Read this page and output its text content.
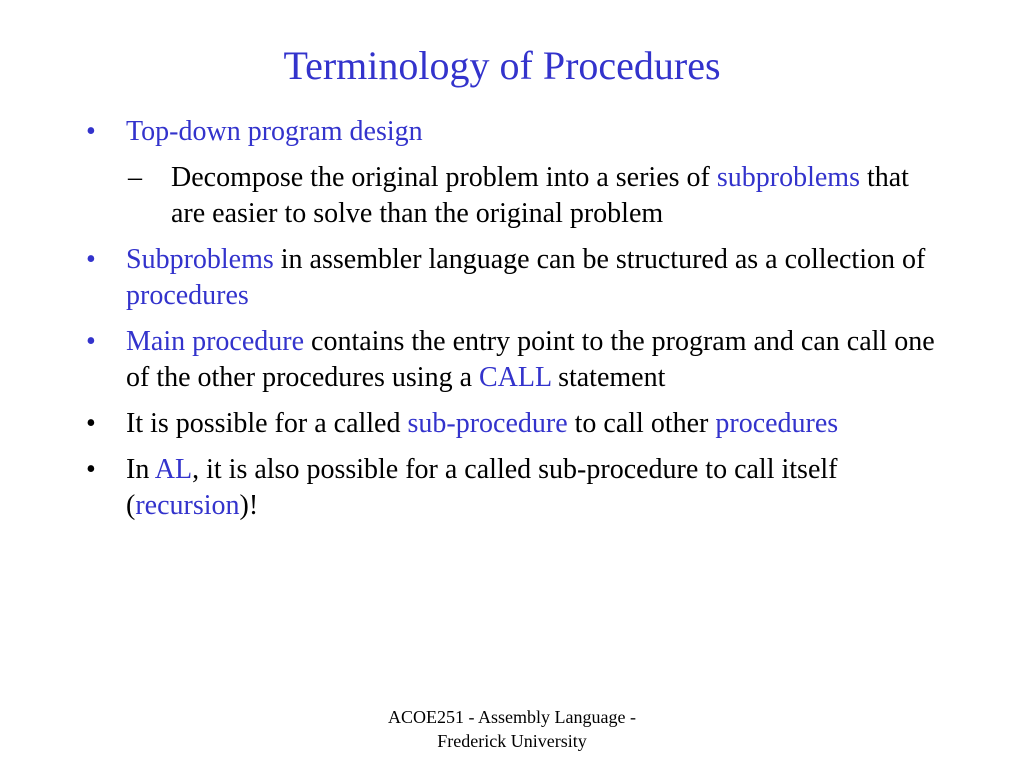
Terminology of Procedures
• Top-down program design
– Decompose the original problem into a series of subproblems that are easier to solve than the original problem
• Subproblems in assembler language can be structured as a collection of procedures
• Main procedure contains the entry point to the program and can call one of the other procedures using a CALL statement
• It is possible for a called sub-procedure to call other procedures
• In AL, it is also possible for a called sub-procedure to call itself (recursion)!
ACOE251 - Assembly Language -
Frederick University
